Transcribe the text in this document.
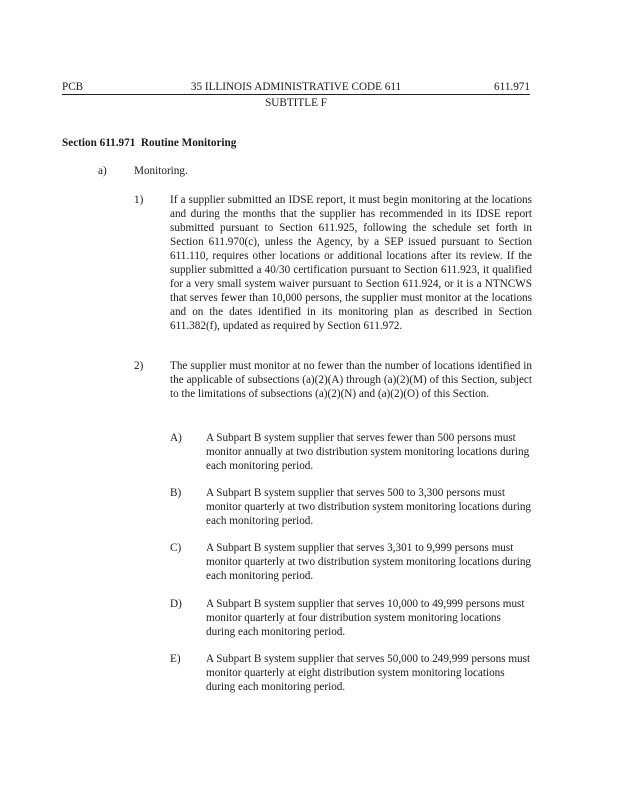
PCB	35 ILLINOIS ADMINISTRATIVE CODE 611	611.971
SUBTITLE F
Section 611.971  Routine Monitoring
a) Monitoring.
1) If a supplier submitted an IDSE report, it must begin monitoring at the locations and during the months that the supplier has recommended in its IDSE report submitted pursuant to Section 611.925, following the schedule set forth in Section 611.970(c), unless the Agency, by a SEP issued pursuant to Section 611.110, requires other locations or additional locations after its review. If the supplier submitted a 40/30 certification pursuant to Section 611.923, it qualified for a very small system waiver pursuant to Section 611.924, or it is a NTNCWS that serves fewer than 10,000 persons, the supplier must monitor at the locations and on the dates identified in its monitoring plan as described in Section 611.382(f), updated as required by Section 611.972.

2) The supplier must monitor at no fewer than the number of locations identified in the applicable of subsections (a)(2)(A) through (a)(2)(M) of this Section, subject to the limitations of subsections (a)(2)(N) and (a)(2)(O) of this Section.

A) A Subpart B system supplier that serves fewer than 500 persons must monitor annually at two distribution system monitoring locations during each monitoring period.

B) A Subpart B system supplier that serves 500 to 3,300 persons must monitor quarterly at two distribution system monitoring locations during each monitoring period.

C) A Subpart B system supplier that serves 3,301 to 9,999 persons must monitor quarterly at two distribution system monitoring locations during each monitoring period.

D) A Subpart B system supplier that serves 10,000 to 49,999 persons must monitor quarterly at four distribution system monitoring locations during each monitoring period.

E) A Subpart B system supplier that serves 50,000 to 249,999 persons must monitor quarterly at eight distribution system monitoring locations during each monitoring period.
